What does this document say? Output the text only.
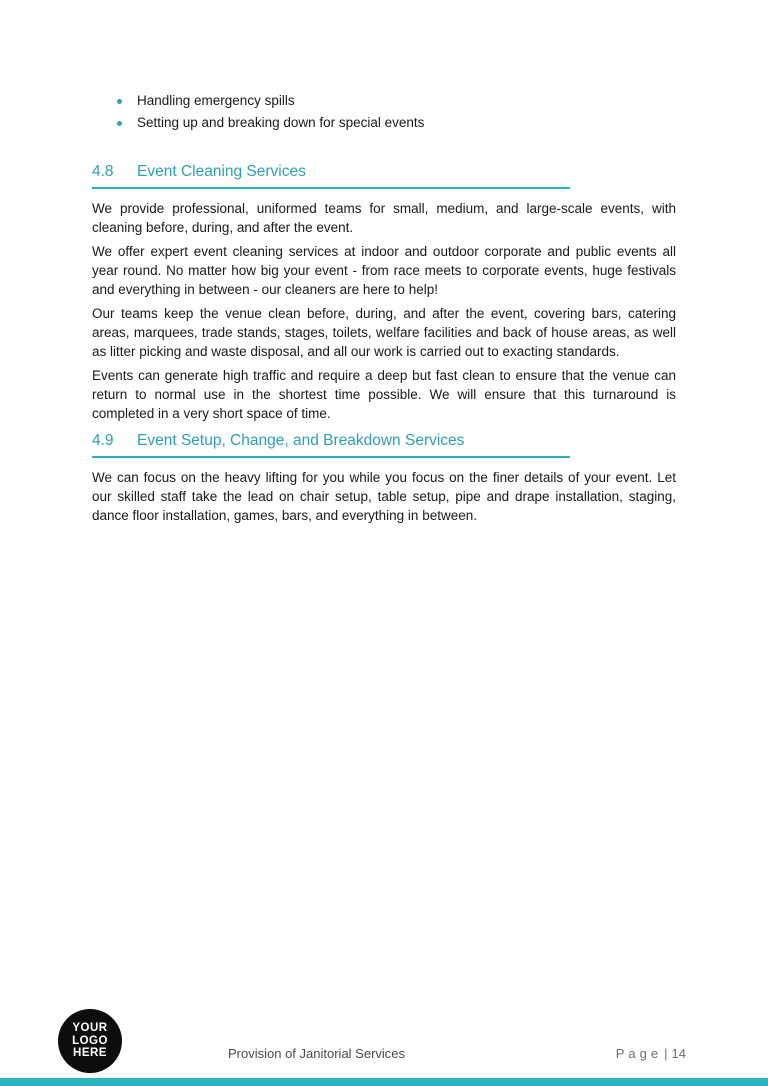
Handling emergency spills
Setting up and breaking down for special events
4.8 Event Cleaning Services

We provide professional, uniformed teams for small, medium, and large-scale events, with cleaning before, during, and after the event.

We offer expert event cleaning services at indoor and outdoor corporate and public events all year round. No matter how big your event - from race meets to corporate events, huge festivals and everything in between - our cleaners are here to help!

Our teams keep the venue clean before, during, and after the event, covering bars, catering areas, marquees, trade stands, stages, toilets, welfare facilities and back of house areas, as well as litter picking and waste disposal, and all our work is carried out to exacting standards.

Events can generate high traffic and require a deep but fast clean to ensure that the venue can return to normal use in the shortest time possible. We will ensure that this turnaround is completed in a very short space of time.

4.9 Event Setup, Change, and Breakdown Services

We can focus on the heavy lifting for you while you focus on the finer details of your event. Let our skilled staff take the lead on chair setup, table setup, pipe and drape installation, staging, dance floor installation, games, bars, and everything in between.

YOUR
LOGO
HERE	Provision of Janitorial Services	Page | 14
